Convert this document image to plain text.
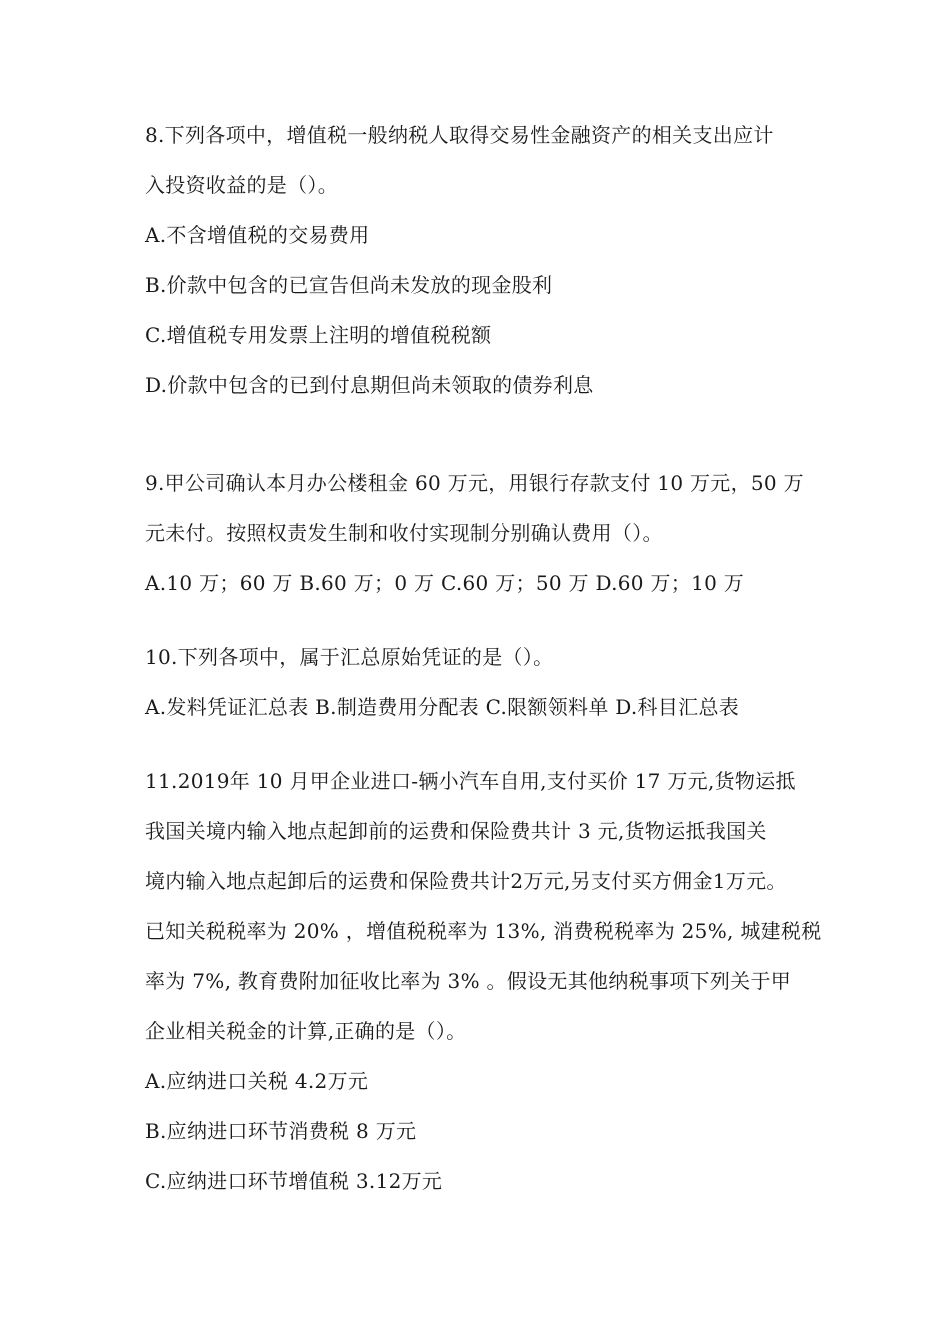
8.下列各项中，增值税一般纳税人取得交易性金融资产的相关支出应计
入投资收益的是（）。
A.不含增值税的交易费用
B.价款中包含的已宣告但尚未发放的现金股利
C.增值税专用发票上注明的增值税税额
D.价款中包含的已到付息期但尚未领取的债券利息
9.甲公司确认本月办公楼租金 60 万元，用银行存款支付 10 万元，50 万
元未付。按照权责发生制和收付实现制分别确认费用（）。
A.10 万；60 万 B.60 万；0 万 C.60 万；50 万 D.60 万；10 万
10.下列各项中，属于汇总原始凭证的是（）。
A.发料凭证汇总表 B.制造费用分配表 C.限额领料单 D.科目汇总表
11.2019年 10 月甲企业进口-辆小汽车自用,支付买价 17 万元,货物运抵
我国关境内输入地点起卸前的运费和保险费共计 3 元,货物运抵我国关
境内输入地点起卸后的运费和保险费共计2万元,另支付买方佣金1万元。
已知关税税率为 20% ，增值税税率为 13%, 消费税税率为 25%, 城建税税
率为 7%, 教育费附加征收比率为 3% 。假设无其他纳税事项下列关于甲
企业相关税金的计算,正确的是（）。
A.应纳进口关税 4.2万元
B.应纳进口环节消费税 8 万元
C.应纳进口环节增值税 3.12万元
